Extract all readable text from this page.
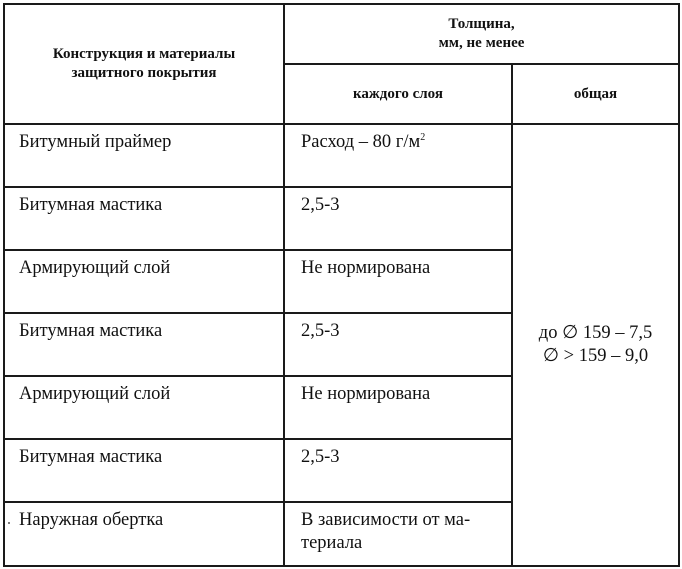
Конструкция и материалы защитного покрытия	Толщина,
мм, не менее	

	каждого слоя	общая
Битумный праймер	Расход – 80 $г/м^2$	до ∅ 159 – 7,5
∅ > 159 – 9,0

Битумная мастика	2,5-3	
Армирующий слой	Не нормирована	
Битумная мастика	2,5-3	
Армирующий слой	Не нормирована	
Битумная мастика	2,5-3	
Наружная обертка	В зависимости от ма-
териала	
